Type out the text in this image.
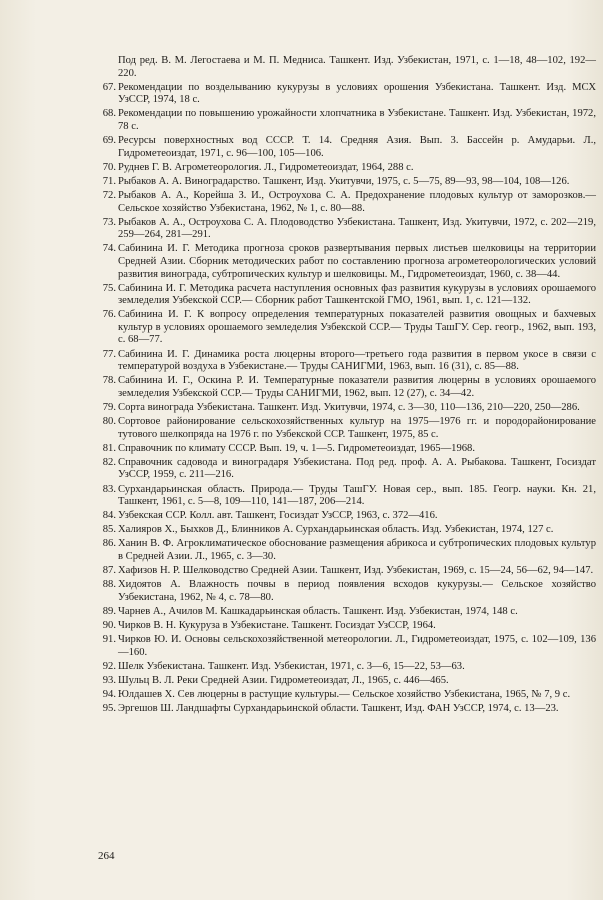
Под ред. В. М. Легостаева и М. П. Медниса. Ташкент. Изд. Узбекистан, 1971, с. 1—18, 48—102, 192—220.
67. Рекомендации по возделыванию кукурузы в условиях орошения Узбекистана. Ташкент. Изд. МСХ УзССР, 1974, 18 с.
68. Рекомендации по повышению урожайности хлопчатника в Узбекистане. Ташкент. Изд. Узбекистан, 1972, 78 с.
69. Ресурсы поверхностных вод СССР. Т. 14. Средняя Азия. Вып. 3. Бассейн р. Амударьи. Л., Гидрометеоиздат, 1971, с. 96—100, 105—106.
70. Руднев Г. В. Агрометеорология. Л., Гидрометеоиздат, 1964, 288 с.
71. Рыбаков А. А. Виноградарство. Ташкент, Изд. Укитувчи, 1975, с. 5—75, 89—93, 98—104, 108—126.
72. Рыбаков А. А., Корейша З. И., Остроухова С. А. Предохранение плодовых культур от заморозков.— Сельское хозяйство Узбекистана, 1962, № 1, с. 80—88.
73. Рыбаков А. А., Остроухова С. А. Плодоводство Узбекистана. Ташкент, Изд. Укитувчи, 1972, с. 202—219, 259—264, 281—291.
74. Сабинина И. Г. Методика прогноза сроков развертывания первых листьев шелковицы на территории Средней Азии. Сборник методических работ по составлению прогноза агрометеорологических условий развития винограда, субтропических культур и шелковицы. М., Гидрометеоиздат, 1960, с. 38—44.
75. Сабинина И. Г. Методика расчета наступления основных фаз развития кукурузы в условиях орошаемого земледелия Узбекской ССР.— Сборник работ Ташкентской ГМО, 1961, вып. 1, с. 121—132.
76. Сабинина И. Г. К вопросу определения температурных показателей развития овощных и бахчевых культур в условиях орошаемого земледелия Узбекской ССР.— Труды ТашГУ. Сер. геогр., 1962, вып. 193, с. 68—77.
77. Сабинина И. Г. Динамика роста люцерны второго—третьего года развития в первом укосе в связи с температурой воздуха в Узбекистане.— Труды САНИГМИ, 1963, вып. 16 (31), с. 85—88.
78. Сабинина И. Г., Оскина Р. И. Температурные показатели развития люцерны в условиях орошаемого земледелия Узбекской ССР.— Труды САНИГМИ, 1962, вып. 12 (27), с. 34—42.
79. Сорта винограда Узбекистана. Ташкент. Изд. Укитувчи, 1974, с. 3—30, 110—136, 210—220, 250—286.
80. Сортовое районирование сельскохозяйственных культур на 1975—1976 гг. и породорайонирование тутового шелкопряда на 1976 г. по Узбекской ССР. Ташкент, 1975, 85 с.
81. Справочник по климату СССР. Вып. 19, ч. 1—5. Гидрометеоиздат, 1965—1968.
82. Справочник садовода и виноградаря Узбекистана. Под ред. проф. А. А. Рыбакова. Ташкент, Госиздат УзССР, 1959, с. 211—216.
83. Сурхандарьинская область. Природа.— Труды ТашГУ. Новая сер., вып. 185. Геогр. науки. Кн. 21, Ташкент, 1961, с. 5—8, 109—110, 141—187, 206—214.
84. Узбекская ССР. Колл. авт. Ташкент, Госиздат УзССР, 1963, с. 372—416.
85. Халияров Х., Быхков Д., Блинников А. Сурхандарьинская область. Изд. Узбекистан, 1974, 127 с.
86. Ханин В. Ф. Агроклиматическое обоснование размещения абрикоса и субтропических плодовых культур в Средней Азии. Л., 1965, с. 3—30.
87. Хафизов Н. Р. Шелководство Средней Азии. Ташкент, Изд. Узбекистан, 1969, с. 15—24, 56—62, 94—147.
88. Хидоятов А. Влажность почвы в период появления всходов кукурузы.— Сельское хозяйство Узбекистана, 1962, № 4, с. 78—80.
89. Чарнев А., Ачилов М. Кашкадарьинская область. Ташкент. Изд. Узбекистан, 1974, 148 с.
90. Чирков В. Н. Кукуруза в Узбекистане. Ташкент. Госиздат УзССР, 1964.
91. Чирков Ю. И. Основы сельскохозяйственной метеорологии. Л., Гидрометеоиздат, 1975, с. 102—109, 136—160.
92. Шелк Узбекистана. Ташкент. Изд. Узбекистан, 1971, с. 3—6, 15—22, 53—63.
93. Шульц В. Л. Реки Средней Азии. Гидрометеоиздат, Л., 1965, с. 446—465.
94. Юлдашев Х. Сев люцерны в растущие культуры.— Сельское хозяйство Узбекистана, 1965, № 7, 9 с.
95. Эргешов Ш. Ландшафты Сурхандарьинской области. Ташкент, Изд. ФАН УзССР, 1974, с. 13—23.
264
